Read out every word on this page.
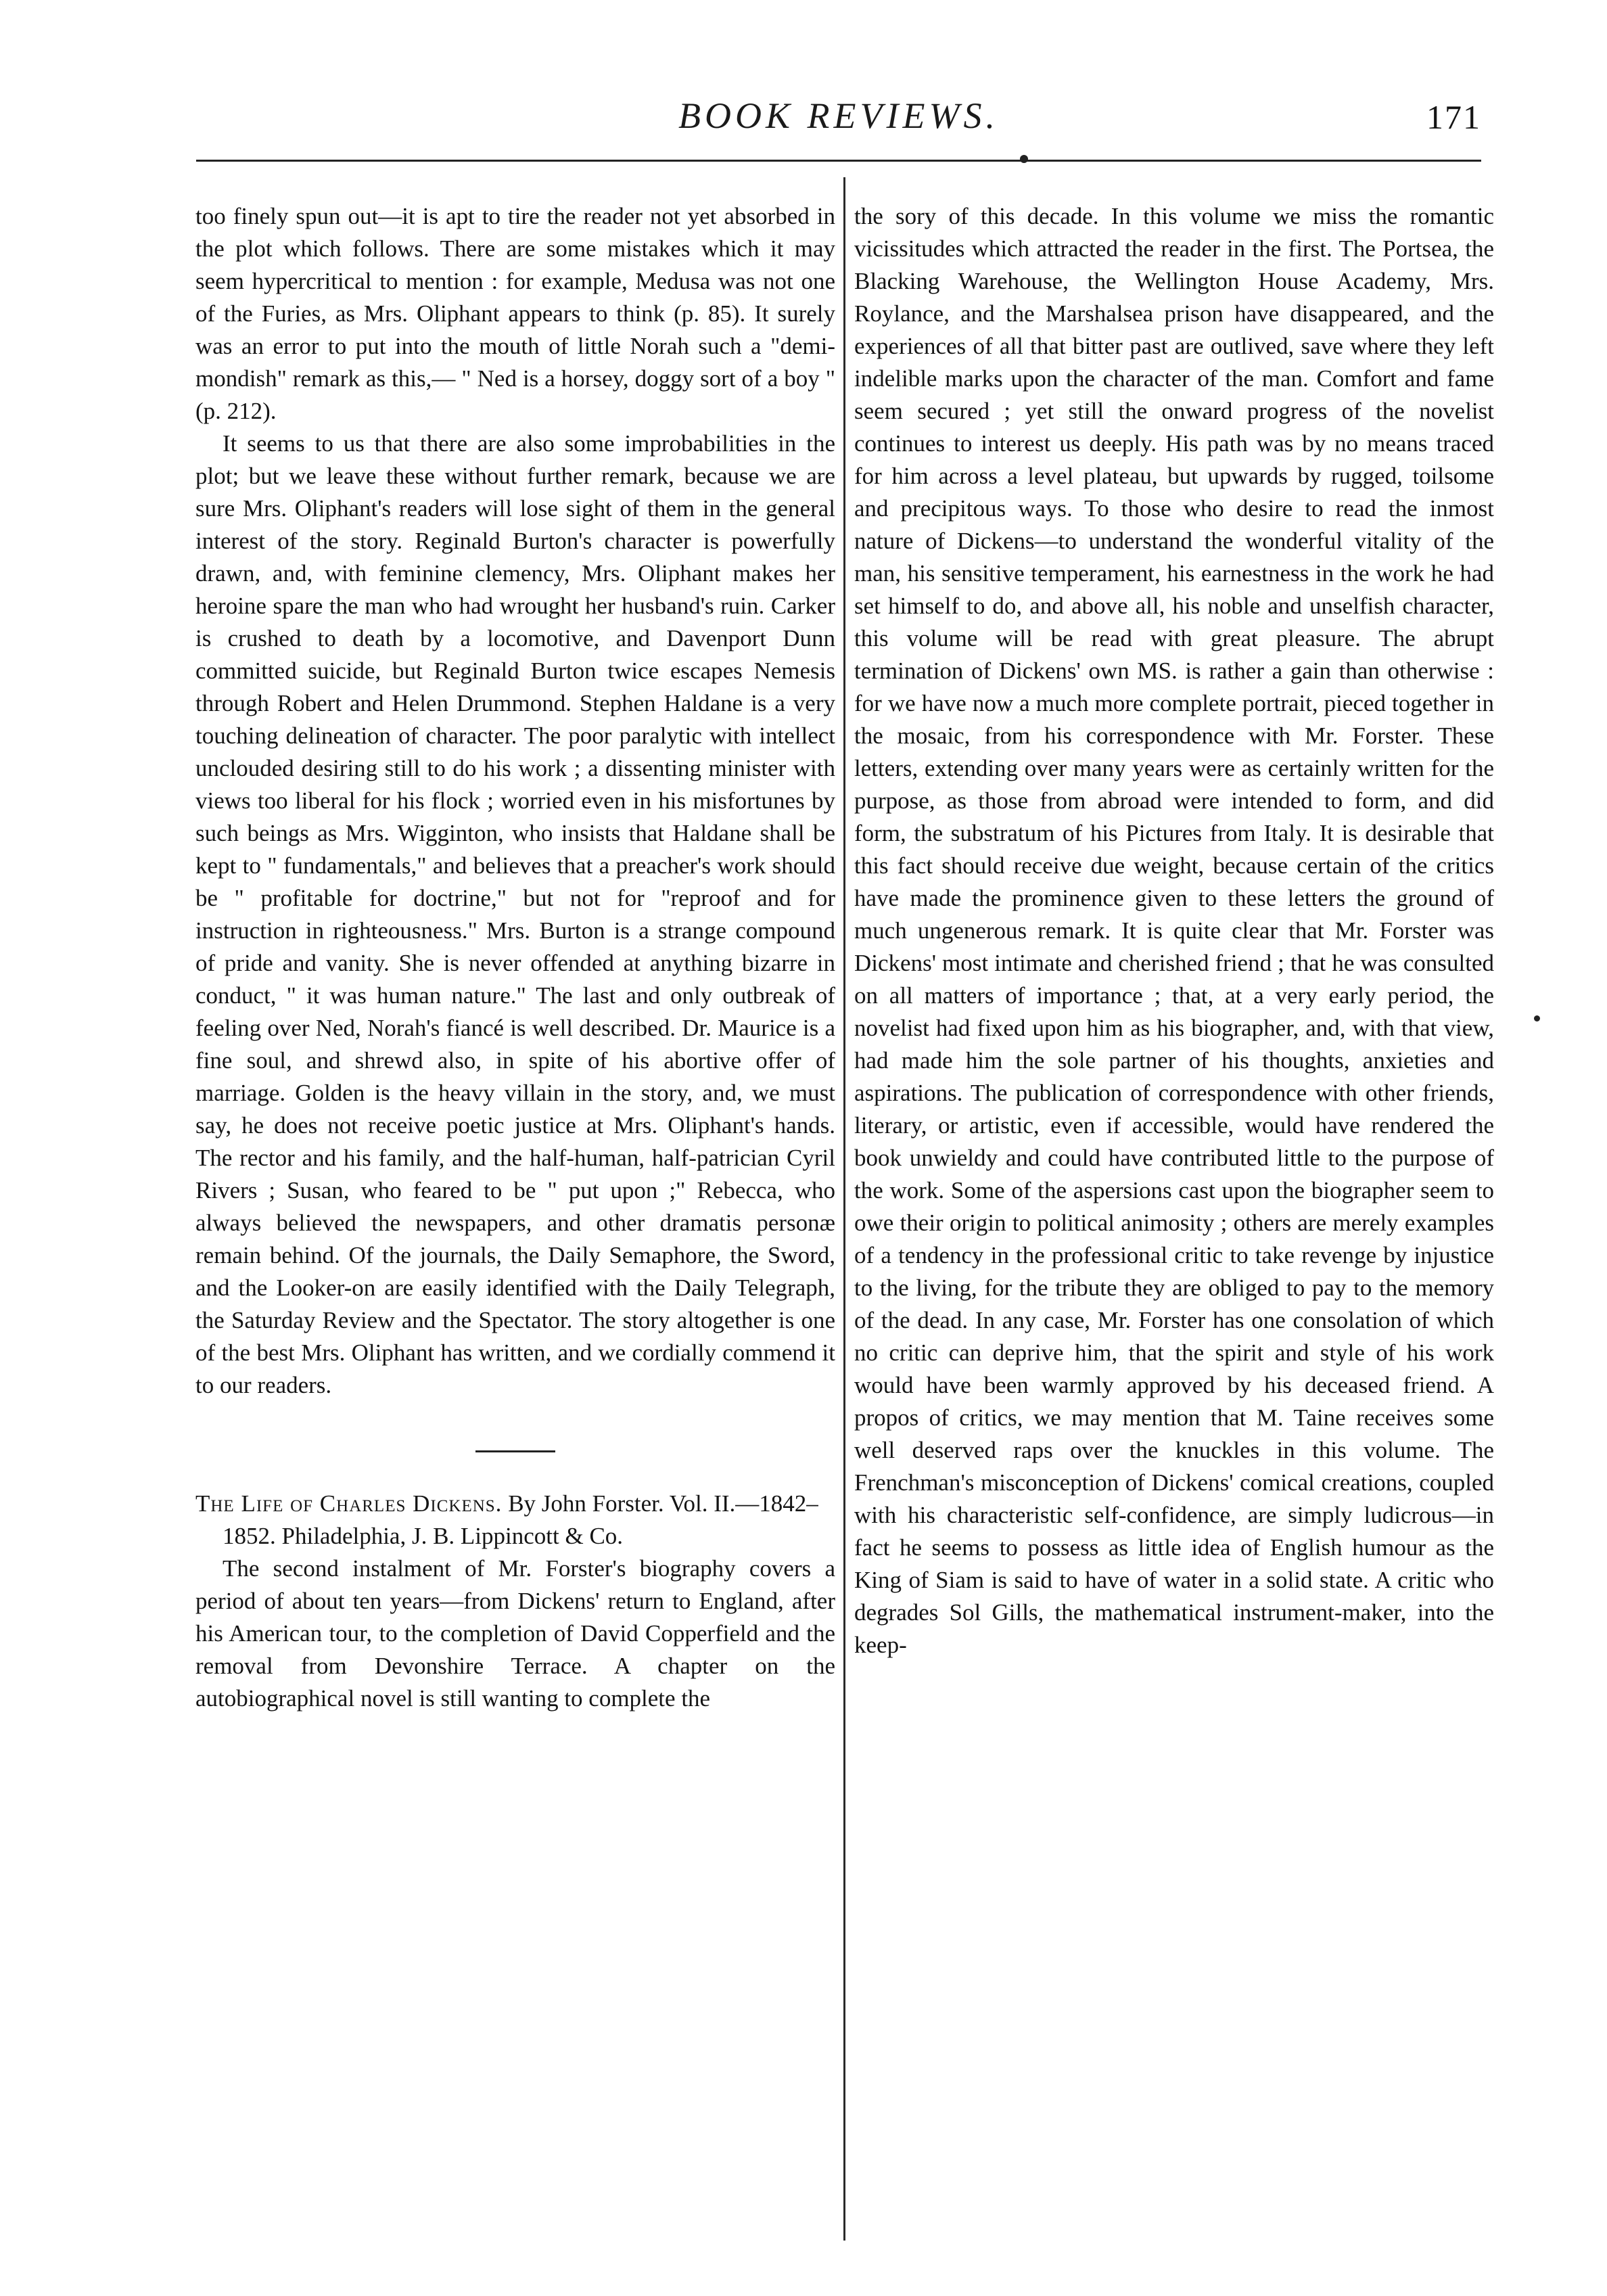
BOOK REVIEWS.	171

too finely spun out—it is apt to tire the reader not yet absorbed in the plot which follows. There are some mistakes which it may seem hypercritical to mention : for example, Medusa was not one of the Furies, as Mrs. Oliphant appears to think (p. 85). It surely was an error to put into the mouth of little Norah such a "demi-mondish" remark as this,— " Ned is a horsey, doggy sort of a boy "(p. 212).

It seems to us that there are also some improbabilities in the plot; but we leave these without further remark, because we are sure Mrs. Oliphant's readers will lose sight of them in the general interest of the story. Reginald Burton's character is powerfully drawn, and, with feminine clemency, Mrs. Oliphant makes her heroine spare the man who had wrought her husband's ruin. Carker is crushed to death by a locomotive, and Davenport Dunn committed suicide, but Reginald Burton twice escapes Nemesis through Robert and Helen Drummond. Stephen Haldane is a very touching delineation of character. The poor paralytic with intellect unclouded desiring still to do his work ; a dissenting minister with views too liberal for his flock ; worried even in his misfortunes by such beings as Mrs. Wigginton, who insists that Haldane shall be kept to " fundamentals," and believes that a preacher's work should be " profitable for doctrine," but not for "reproof and for instruction in righteousness." Mrs. Burton is a strange compound of pride and vanity. She is never offended at anything bizarre in conduct, " it was human nature." The last and only outbreak of feeling over Ned, Norah's fiancé is well described. Dr. Maurice is a fine soul, and shrewd also, in spite of his abortive offer of marriage. Golden is the heavy villain in the story, and, we must say, he does not receive poetic justice at Mrs. Oliphant's hands. The rector and his family, and the half-human, half-patrician Cyril Rivers ; Susan, who feared to be " put upon ;" Rebecca, who always believed the newspapers, and other dramatis personæ remain behind. Of the journals, the Daily Semaphore, the Sword, and the Looker-on are easily identified with the Daily Telegraph, the Saturday Review and the Spectator. The story altogether is one of the best Mrs. Oliphant has written, and we cordially commend it to our readers.

The Life of Charles Dickens. By John Forster. Vol. II.—1842–1852. Philadelphia, J. B. Lippincott & Co.

The second instalment of Mr. Forster's biography covers a period of about ten years—from Dickens' return to England, after his American tour, to the completion of David Copperfield and the removal from Devonshire Terrace. A chapter on the autobiographical novel is still wanting to complete the

the sory of this decade. In this volume we miss the romantic vicissitudes which attracted the reader in the first. The Portsea, the Blacking Warehouse, the Wellington House Academy, Mrs. Roylance, and the Marshalsea prison have disappeared, and the experiences of all that bitter past are outlived, save where they left indelible marks upon the character of the man. Comfort and fame seem secured ; yet still the onward progress of the novelist continues to interest us deeply. His path was by no means traced for him across a level plateau, but upwards by rugged, toilsome and precipitous ways. To those who desire to read the inmost nature of Dickens—to understand the wonderful vitality of the man, his sensitive temperament, his earnestness in the work he had set himself to do, and above all, his noble and unselfish character, this volume will be read with great pleasure. The abrupt termination of Dickens' own MS. is rather a gain than otherwise : for we have now a much more complete portrait, pieced together in the mosaic, from his correspondence with Mr. Forster. These letters, extending over many years were as certainly written for the purpose, as those from abroad were intended to form, and did form, the substratum of his Pictures from Italy. It is desirable that this fact should receive due weight, because certain of the critics have made the prominence given to these letters the ground of much ungenerous remark. It is quite clear that Mr. Forster was Dickens' most intimate and cherished friend ; that he was consulted on all matters of importance ; that, at a very early period, the novelist had fixed upon him as his biographer, and, with that view, had made him the sole partner of his thoughts, anxieties and aspirations. The publication of correspondence with other friends, literary, or artistic, even if accessible, would have rendered the book unwieldy and could have contributed little to the purpose of the work. Some of the aspersions cast upon the biographer seem to owe their origin to political animosity ; others are merely examples of a tendency in the professional critic to take revenge by injustice to the living, for the tribute they are obliged to pay to the memory of the dead. In any case, Mr. Forster has one consolation of which no critic can deprive him, that the spirit and style of his work would have been warmly approved by his deceased friend. A propos of critics, we may mention that M. Taine receives some well deserved raps over the knuckles in this volume. The Frenchman's misconception of Dickens' comical creations, coupled with his characteristic self-confidence, are simply ludicrous—in fact he seems to possess as little idea of English humour as the King of Siam is said to have of water in a solid state. A critic who degrades Sol Gills, the mathematical instrument-maker, into the keep-
